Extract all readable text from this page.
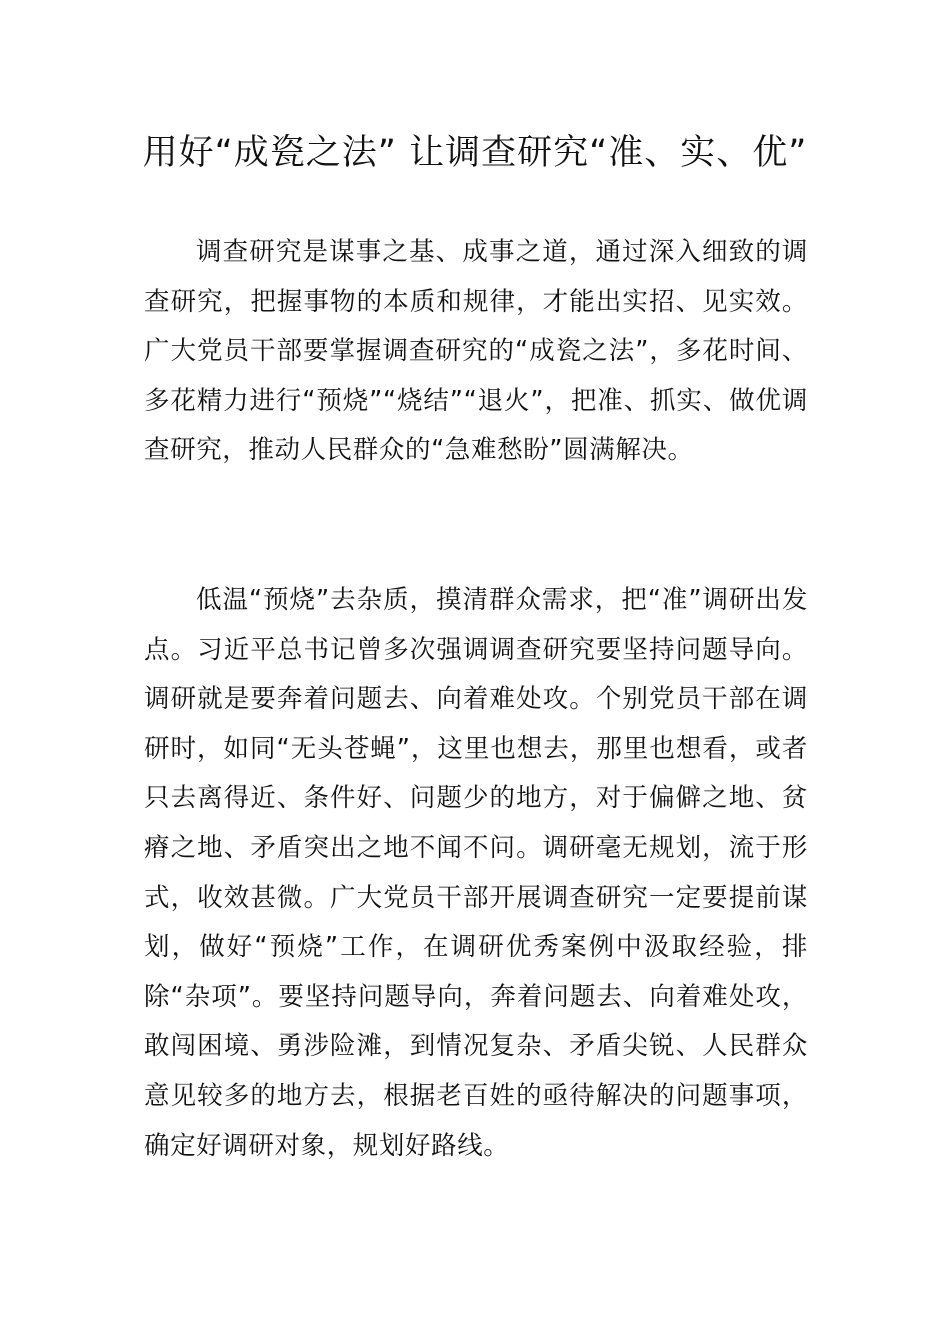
用好“成瓷之法” 让调查研究“准、实、优”

调查研究是谋事之基、成事之道，通过深入细致的调查研究，把握事物的本质和规律，才能出实招、见实效。广大党员干部要掌握调查研究的“成瓷之法”，多花时间、多花精力进行“预烧”“烧结”“退火”，把准、抓实、做优调查研究，推动人民群众的“急难愁盼”圆满解决。

低温“预烧”去杂质，摸清群众需求，把“准”调研出发点。习近平总书记曾多次强调调查研究要坚持问题导向。调研就是要奔着问题去、向着难处攻。个别党员干部在调研时，如同“无头苍蝇”，这里也想去，那里也想看，或者只去离得近、条件好、问题少的地方，对于偏僻之地、贫瘠之地、矛盾突出之地不闻不问。调研毫无规划，流于形式，收效甚微。广大党员干部开展调查研究一定要提前谋划，做好“预烧”工作，在调研优秀案例中汲取经验，排除“杂项”。要坚持问题导向，奔着问题去、向着难处攻，敢闯困境、勇涉险滩，到情况复杂、矛盾尖锐、人民群众意见较多的地方去，根据老百姓的亟待解决的问题事项，确定好调研对象，规划好路线。
